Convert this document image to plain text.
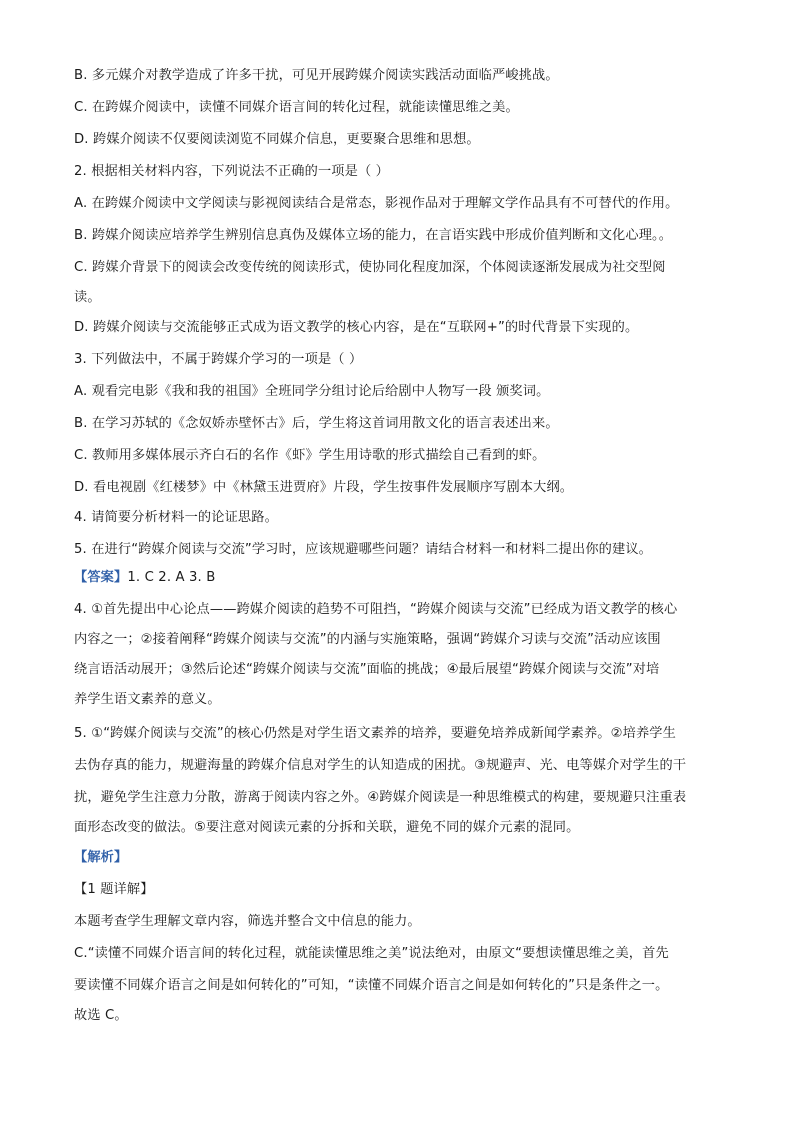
B. 多元媒介对教学造成了许多干扰，可见开展跨媒介阅读实践活动面临严峻挑战。
C. 在跨媒介阅读中，读懂不同媒介语言间的转化过程，就能读懂思维之美。
D. 跨媒介阅读不仅要阅读浏览不同媒介信息，更要聚合思维和思想。
2. 根据相关材料内容，下列说法不正确的一项是（ ）
A. 在跨媒介阅读中文学阅读与影视阅读结合是常态，影视作品对于理解文学作品具有不可替代的作用。
B. 跨媒介阅读应培养学生辨别信息真伪及媒体立场的能力，在言语实践中形成价值判断和文化心理。。
C. 跨媒介背景下的阅读会改变传统的阅读形式，使协同化程度加深，个体阅读逐渐发展成为社交型阅
读。
D. 跨媒介阅读与交流能够正式成为语文教学的核心内容，是在“互联网+”的时代背景下实现的。
3. 下列做法中，不属于跨媒介学习的一项是（ ）
A. 观看完电影《我和我的祖国》全班同学分组讨论后给剧中人物写一段 颁奖词。
B. 在学习苏轼的《念奴娇赤壁怀古》后，学生将这首词用散文化的语言表述出来。
C. 教师用多媒体展示齐白石的名作《虾》学生用诗歌的形式描绘自己看到的虾。
D. 看电视剧《红楼梦》中《林黛玉进贾府》片段，学生按事件发展顺序写剧本大纲。
4. 请简要分析材料一的论证思路。
5. 在进行“跨媒介阅读与交流”学习时，应该规避哪些问题？请结合材料一和材料二提出你的建议。
【答案】1. C 2. A 3. B
4. ①首先提出中心论点——跨媒介阅读的趋势不可阻挡，“跨媒介阅读与交流”已经成为语文教学的核心
内容之一；②接着阐释“跨媒介阅读与交流”的内涵与实施策略，强调“跨媒介习读与交流”活动应该围
绕言语活动展开；③然后论述“跨媒介阅读与交流”面临的挑战；④最后展望“跨媒介阅读与交流”对培
养学生语文素养的意义。
5. ①“跨媒介阅读与交流”的核心仍然是对学生语文素养的培养，要避免培养成新闻学素养。②培养学生
去伪存真的能力，规避海量的跨媒介信息对学生的认知造成的困扰。③规避声、光、电等媒介对学生的干
扰，避免学生注意力分散，游离于阅读内容之外。④跨媒介阅读是一种思维模式的构建，要规避只注重表
面形态改变的做法。⑤要注意对阅读元素的分拆和关联，避免不同的媒介元素的混同。
【解析】
【1 题详解】
本题考查学生理解文章内容，筛选并整合文中信息的能力。
C.“读懂不同媒介语言间的转化过程，就能读懂思维之美”说法绝对，由原文“要想读懂思维之美，首先
要读懂不同媒介语言之间是如何转化的”可知，“读懂不同媒介语言之间是如何转化的”只是条件之一。
故选 C。
